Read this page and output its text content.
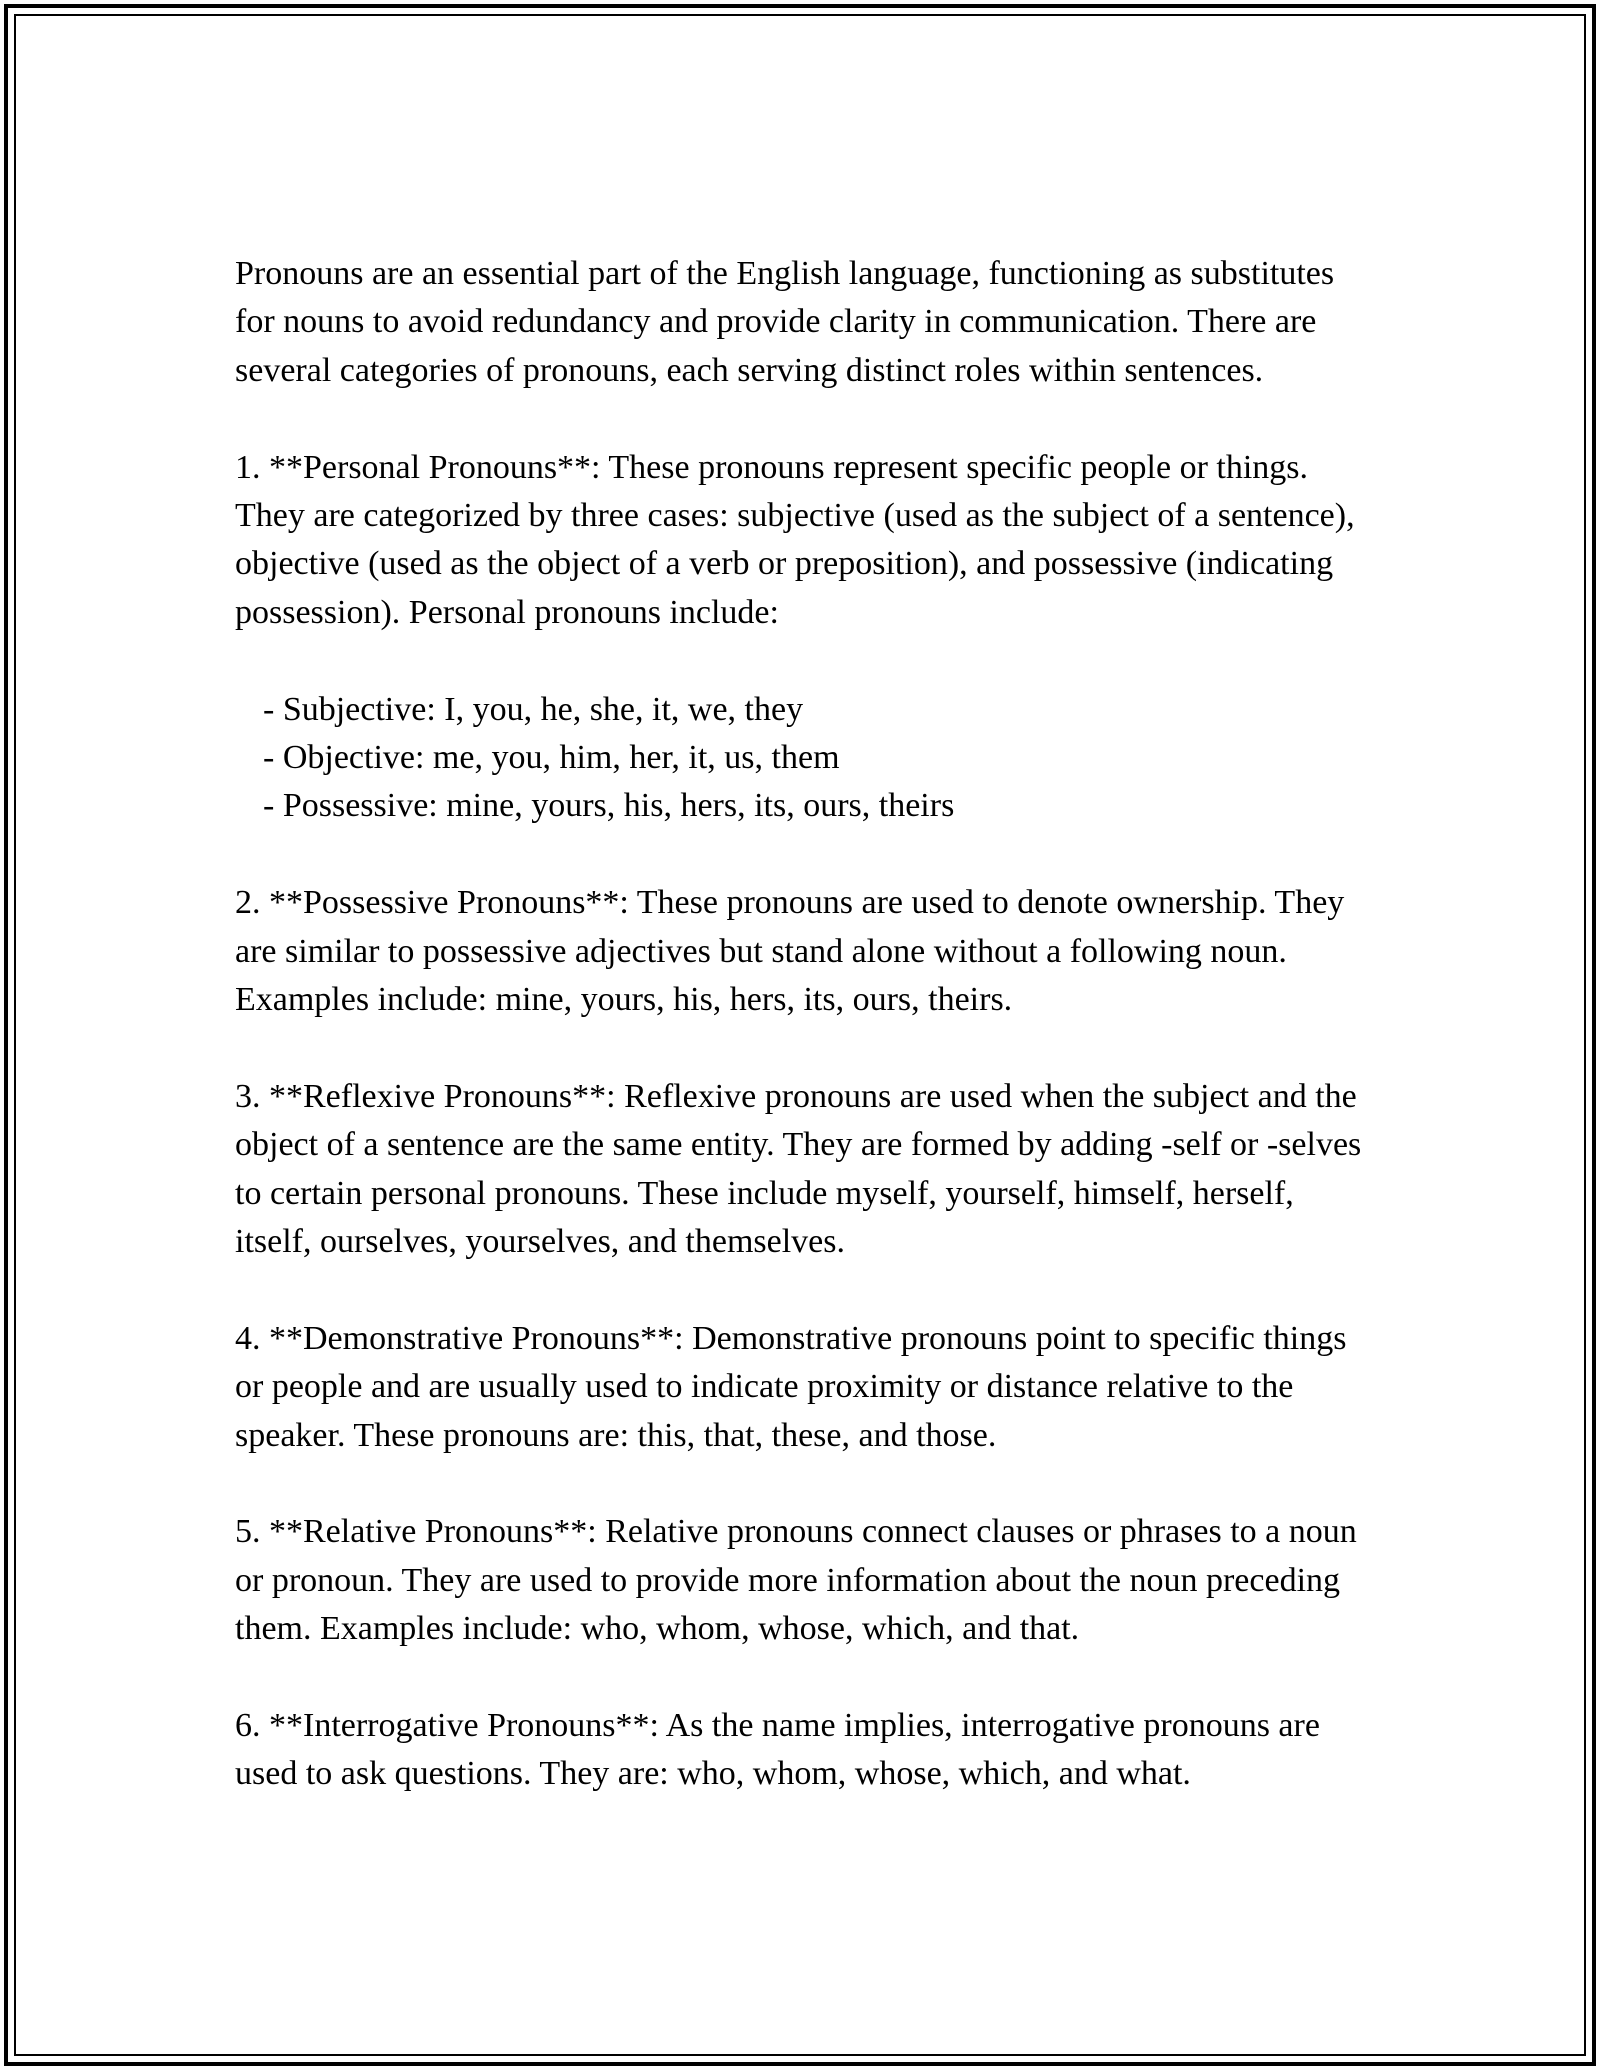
Pronouns are an essential part of the English language, functioning as substitutes for nouns to avoid redundancy and provide clarity in communication. There are several categories of pronouns, each serving distinct roles within sentences.

1. **Personal Pronouns**: These pronouns represent specific people or things. They are categorized by three cases: subjective (used as the subject of a sentence), objective (used as the object of a verb or preposition), and possessive (indicating possession). Personal pronouns include:

- Subjective: I, you, he, she, it, we, they
- Objective: me, you, him, her, it, us, them
- Possessive: mine, yours, his, hers, its, ours, theirs

2. **Possessive Pronouns**: These pronouns are used to denote ownership. They are similar to possessive adjectives but stand alone without a following noun. Examples include: mine, yours, his, hers, its, ours, theirs.

3. **Reflexive Pronouns**: Reflexive pronouns are used when the subject and the object of a sentence are the same entity. They are formed by adding -self or -selves to certain personal pronouns. These include myself, yourself, himself, herself, itself, ourselves, yourselves, and themselves.

4. **Demonstrative Pronouns**: Demonstrative pronouns point to specific things or people and are usually used to indicate proximity or distance relative to the speaker. These pronouns are: this, that, these, and those.

5. **Relative Pronouns**: Relative pronouns connect clauses or phrases to a noun or pronoun. They are used to provide more information about the noun preceding them. Examples include: who, whom, whose, which, and that.

6. **Interrogative Pronouns**: As the name implies, interrogative pronouns are used to ask questions. They are: who, whom, whose, which, and what.
